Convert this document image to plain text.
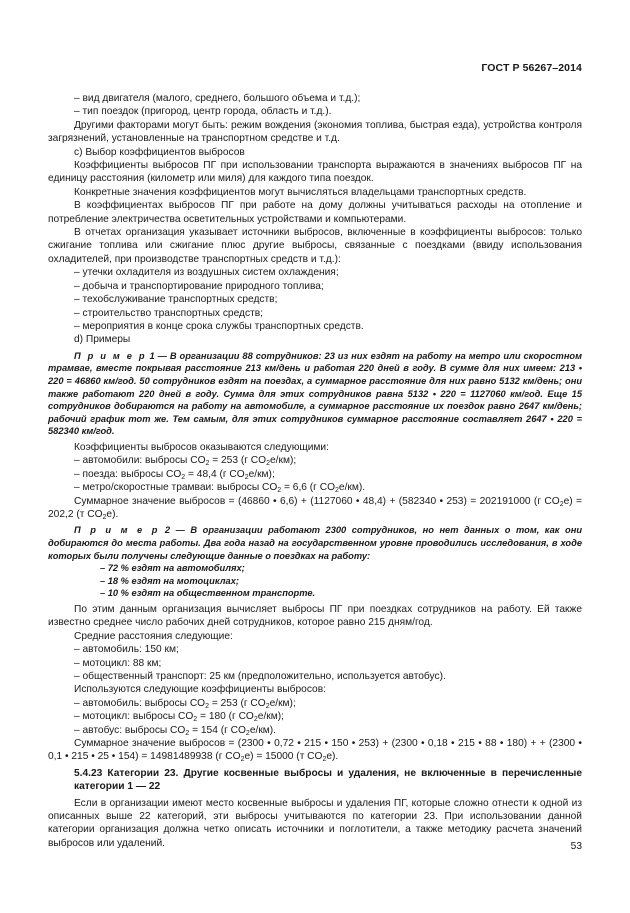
ГОСТ Р 56267–2014

– вид двигателя (малого, среднего, большого объема и т.д.);

– тип поездок (пригород, центр города, область и т.д.).

Другими факторами могут быть: режим вождения (экономия топлива, быстрая езда), устройства контроля загрязнений, установленные на транспортном средстве и т.д.

c) Выбор коэффициентов выбросов

Коэффициенты выбросов ПГ при использовании транспорта выражаются в значениях выбросов ПГ на единицу расстояния (километр или миля) для каждого типа поездок.

Конкретные значения коэффициентов могут вычисляться владельцами транспортных средств.

В коэффициентах выбросов ПГ при работе на дому должны учитываться расходы на отопление и потребление электричества осветительных устройствами и компьютерами.

В отчетах организация указывает источники выбросов, включенные в коэффициенты выбросов: только сжигание топлива или сжигание плюс другие выбросы, связанные с поездками (ввиду использования охладителей, при производстве транспортных средств и т.д.):

– утечки охладителя из воздушных систем охлаждения;

– добыча и транспортирование природного топлива;

– техобслуживание транспортных средств;

– строительство транспортных средств;

– мероприятия в конце срока службы транспортных средств.

d) Примеры

П р и м е р 1 — В организации 88 сотрудников: 23 из них ездят на работу на метро или скоростном трамвае, вместе покрывая расстояние 213 км/день и работая 220 дней в году. В сумме для них имеем: 213 • 220 = 46860 км/год. 50 сотрудников ездят на поездах, а суммарное расстояние для них равно 5132 км/день; они также работают 220 дней в году. Сумма для этих сотрудников равна 5132 • 220 = 1127060 км/год. Еще 15 сотрудников добираются на работу на автомобиле, а суммарное расстояние их поездок равно 2647 км/день; рабочий график тот же. Тем самым, для этих сотрудников суммарное расстояние составляет 2647 • 220 = 582340 км/год.

Коэффициенты выбросов оказываются следующими:

– автомобили: выбросы CO2 = 253 (г CO2e/км);

– поезда: выбросы CO2 = 48,4 (г CO2e/км);

– метро/скоростные трамваи: выбросы CO2 = 6,6 (г CO2e/км).

Суммарное значение выбросов = (46860 • 6,6) + (1127060 • 48,4) + (582340 • 253) = 202191000 (г CO2e) = 202,2 (т CO2e).

П р и м е р 2 — В организации работают 2300 сотрудников, но нет данных о том, как они добираются до места работы. Два года назад на государственном уровне проводились исследования, в ходе которых были получены следующие данные о поездках на работу:

– 72 % ездят на автомобилях;

– 18 % ездят на мотоциклах;

– 10 % ездят на общественном транспорте.

По этим данным организация вычисляет выбросы ПГ при поездках сотрудников на работу. Ей также известно среднее число рабочих дней сотрудников, которое равно 215 дням/год.

Средние расстояния следующие:

– автомобиль: 150 км;

– мотоцикл: 88 км;

– общественный транспорт: 25 км (предположительно, используется автобус).

Используются следующие коэффициенты выбросов:

– автомобиль: выбросы CO2 = 253 (г CO2e/км);

– мотоцикл: выбросы CO2 = 180 (г CO2e/км);

– автобус: выбросы CO2 = 154 (г CO2e/км).

Суммарное значение выбросов = (2300 • 0,72 • 215 • 150 • 253) + (2300 • 0,18 • 215 • 88 • 180) + + (2300 • 0,1 • 215 • 25 • 154) = 14981489938 (г CO2e) = 15000 (т CO2e).

5.4.23 Категории 23. Другие косвенные выбросы и удаления, не включенные в перечисленные категории 1 — 22

Если в организации имеют место косвенные выбросы и удаления ПГ, которые сложно отнести к одной из описанных выше 22 категорий, эти выбросы учитываются по категории 23. При использовании данной категории организация должна четко описать источники и поглотители, а также методику расчета значений выбросов или удалений.	53
